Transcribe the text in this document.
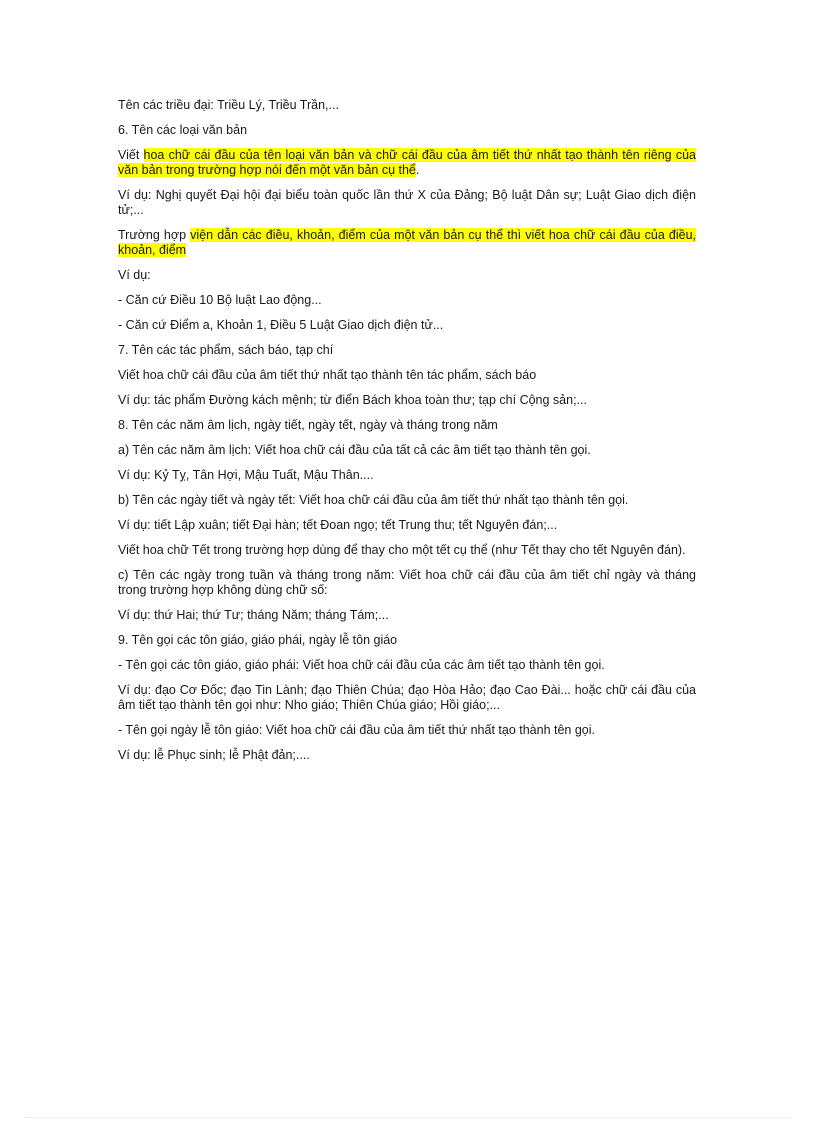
Tên các triều đại: Triều Lý, Triều Trần,...

6. Tên các loại văn bản

Viết hoa chữ cái đầu của tên loại văn bản và chữ cái đầu của âm tiết thứ nhất tạo thành tên riêng của văn bản trong trường hợp nói đến một văn bản cụ thể.

Ví dụ: Nghị quyết Đại hội đại biểu toàn quốc lần thứ X của Đảng; Bộ luật Dân sự; Luật Giao dịch điện tử;...

Trường hợp viện dẫn các điều, khoản, điểm của một văn bản cụ thể thì viết hoa chữ cái đầu của điều, khoản, điểm

Ví dụ:

- Căn cứ Điều 10 Bộ luật Lao động...

- Căn cứ Điểm a, Khoản 1, Điều 5 Luật Giao dịch điện tử...

7. Tên các tác phẩm, sách báo, tạp chí

Viết hoa chữ cái đầu của âm tiết thứ nhất tạo thành tên tác phẩm, sách báo

Ví dụ: tác phẩm Đường kách mệnh; từ điển Bách khoa toàn thư; tạp chí Cộng sản;...

8. Tên các năm âm lịch, ngày tiết, ngày tết, ngày và tháng trong năm

a) Tên các năm âm lịch: Viết hoa chữ cái đầu của tất cả các âm tiết tạo thành tên gọi.

Ví dụ: Kỷ Tỵ, Tân Hợi, Mậu Tuất, Mậu Thân....

b) Tên các ngày tiết và ngày tết: Viết hoa chữ cái đầu của âm tiết thứ nhất tạo thành tên gọi.

Ví dụ: tiết Lập xuân; tiết Đại hàn; tết Đoan ngọ; tết Trung thu; tết Nguyên đán;...

Viết hoa chữ Tết trong trường hợp dùng để thay cho một tết cụ thể (như Tết thay cho tết Nguyên đán).

c) Tên các ngày trong tuần và tháng trong năm: Viết hoa chữ cái đầu của âm tiết chỉ ngày và tháng trong trường hợp không dùng chữ số:

Ví dụ: thứ Hai; thứ Tư; tháng Năm; tháng Tám;...

9. Tên gọi các tôn giáo, giáo phái, ngày lễ tôn giáo

- Tên gọi các tôn giáo, giáo phái: Viết hoa chữ cái đầu của các âm tiết tạo thành tên gọi.

Ví dụ: đạo Cơ Đốc; đạo Tin Lành; đạo Thiên Chúa; đạo Hòa Hảo; đạo Cao Đài... hoặc chữ cái đầu của âm tiết tạo thành tên gọi như: Nho giáo; Thiên Chúa giáo; Hồi giáo;...

- Tên gọi ngày lễ tôn giáo: Viết hoa chữ cái đầu của âm tiết thứ nhất tạo thành tên gọi.

Ví dụ: lễ Phục sinh; lễ Phật đản;....
